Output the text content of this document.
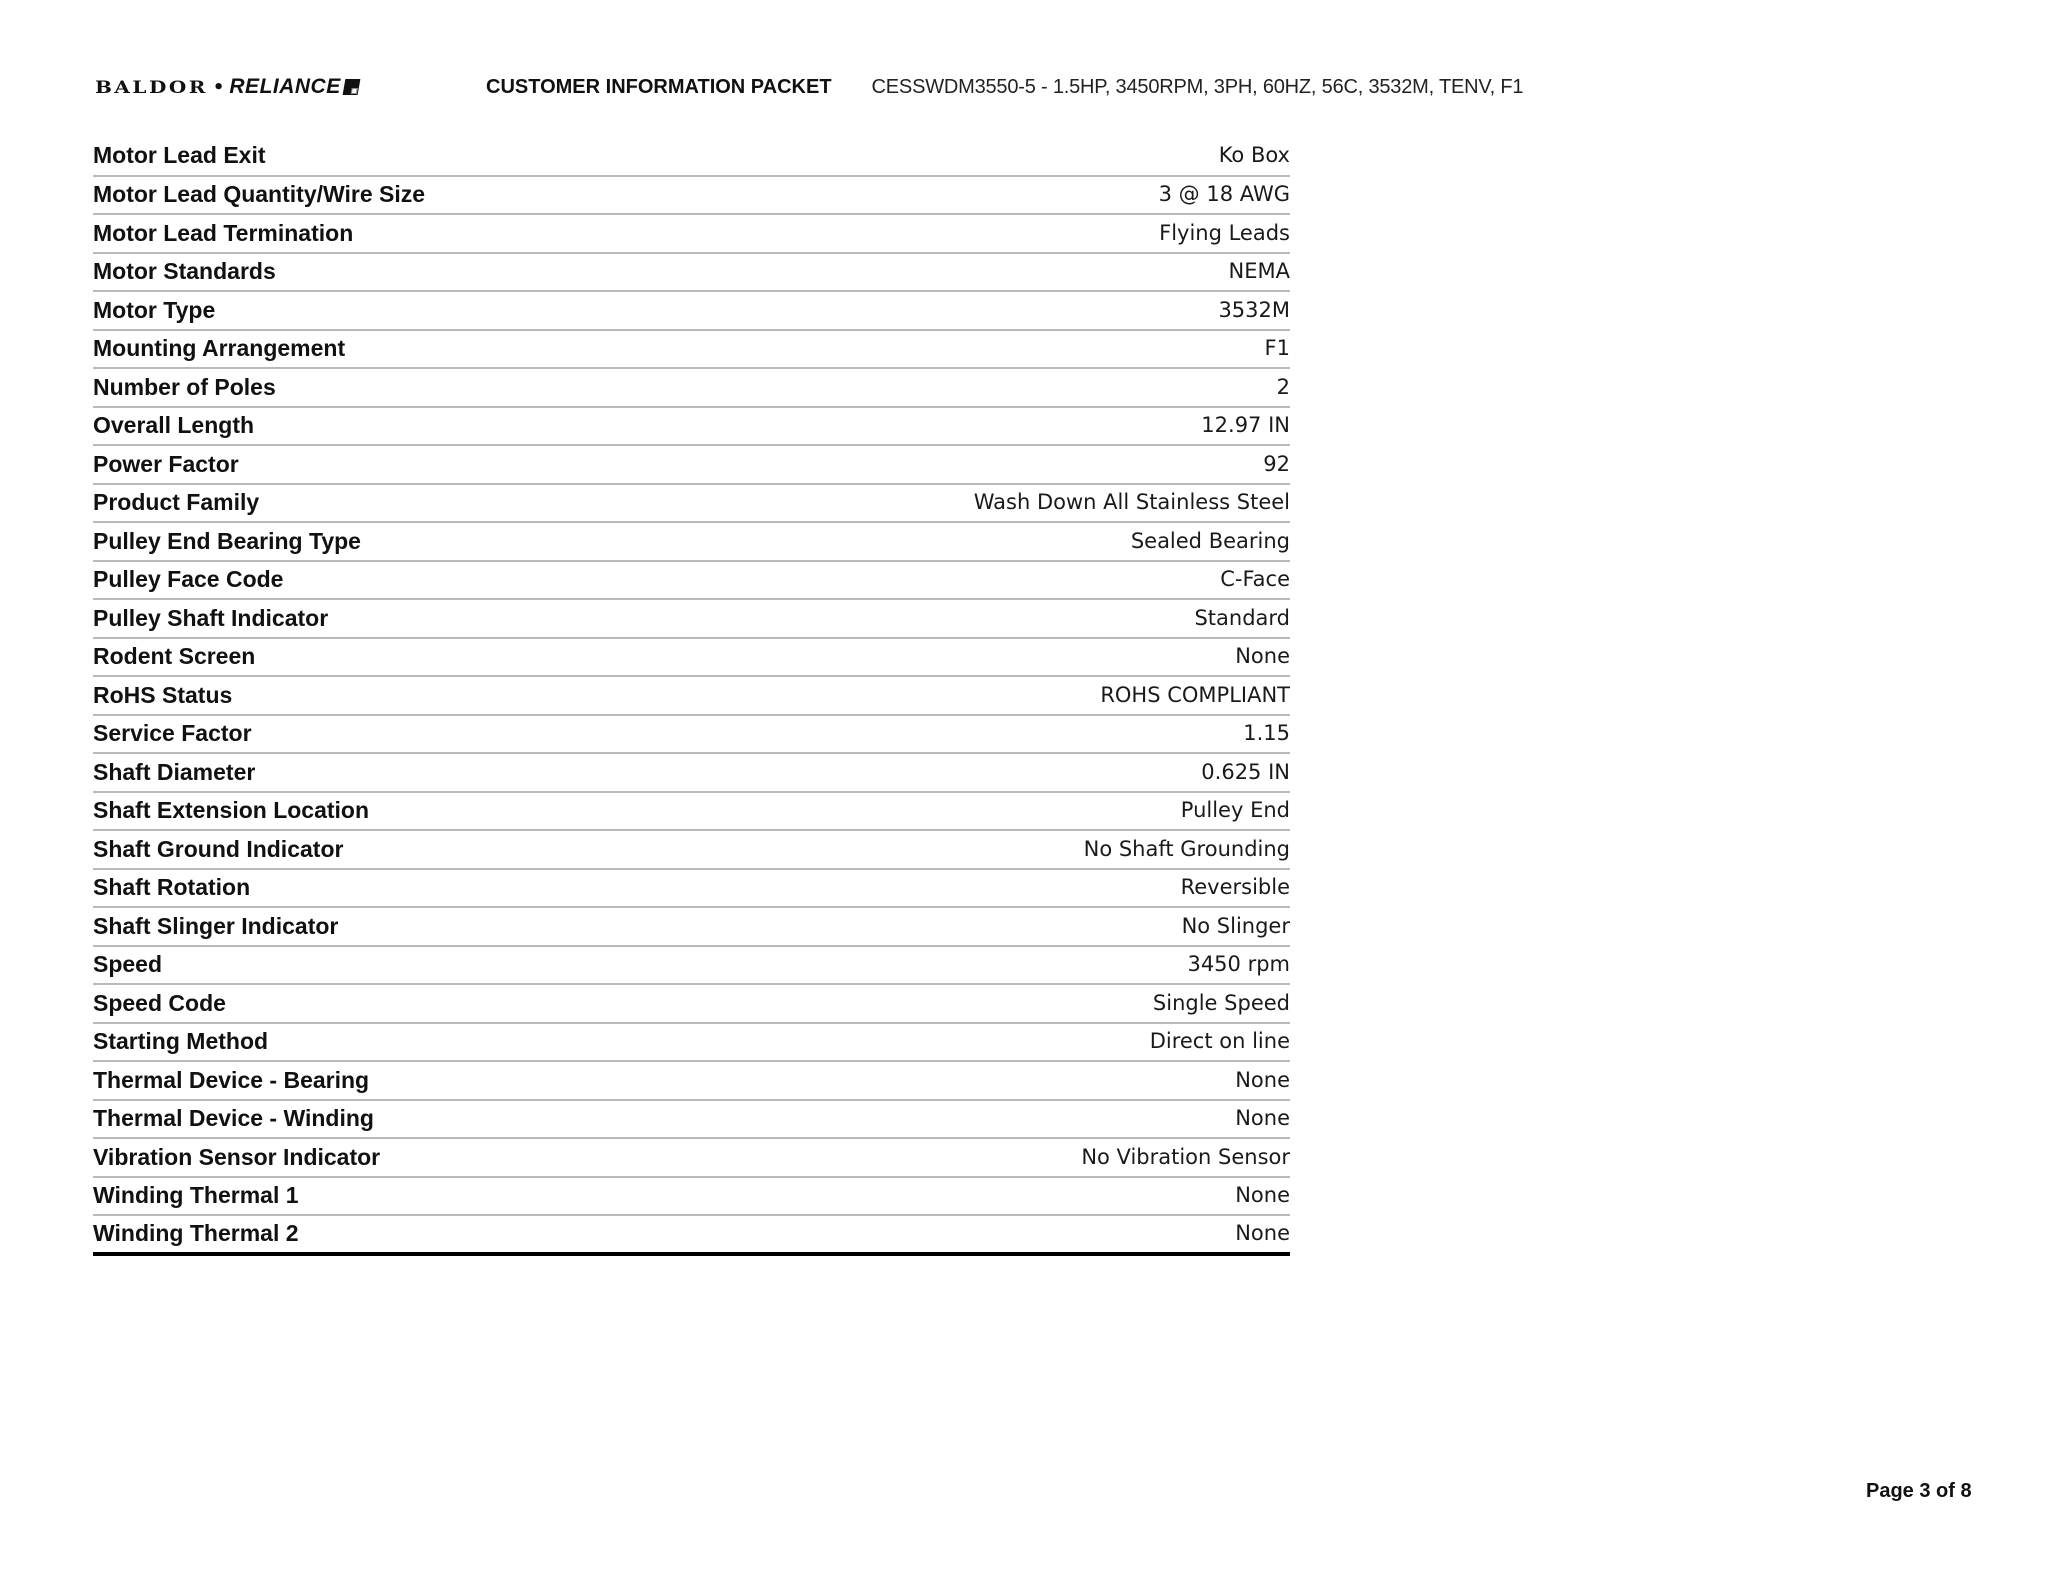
BALDOR • RELIANCE	CUSTOMER INFORMATION PACKET CESSWDM3550-5 - 1.5HP, 3450RPM, 3PH, 60HZ, 56C, 3532M, TENV, F1
Motor Lead Exit	Ko Box
Motor Lead Quantity/Wire Size	3 @ 18 AWG
Motor Lead Termination	Flying Leads
Motor Standards	NEMA
Motor Type	3532M
Mounting Arrangement	F1
Number of Poles	2
Overall Length	12.97 IN
Power Factor	92
Product Family	Wash Down All Stainless Steel
Pulley End Bearing Type	Sealed Bearing
Pulley Face Code	C-Face
Pulley Shaft Indicator	Standard
Rodent Screen	None
RoHS Status	ROHS COMPLIANT
Service Factor	1.15
Shaft Diameter	0.625 IN
Shaft Extension Location	Pulley End
Shaft Ground Indicator	No Shaft Grounding
Shaft Rotation	Reversible
Shaft Slinger Indicator	No Slinger
Speed	3450 rpm
Speed Code	Single Speed
Starting Method	Direct on line
Thermal Device - Bearing	None
Thermal Device - Winding	None
Vibration Sensor Indicator	No Vibration Sensor
Winding Thermal 1	None
Winding Thermal 2	None
Page 3 of 8
